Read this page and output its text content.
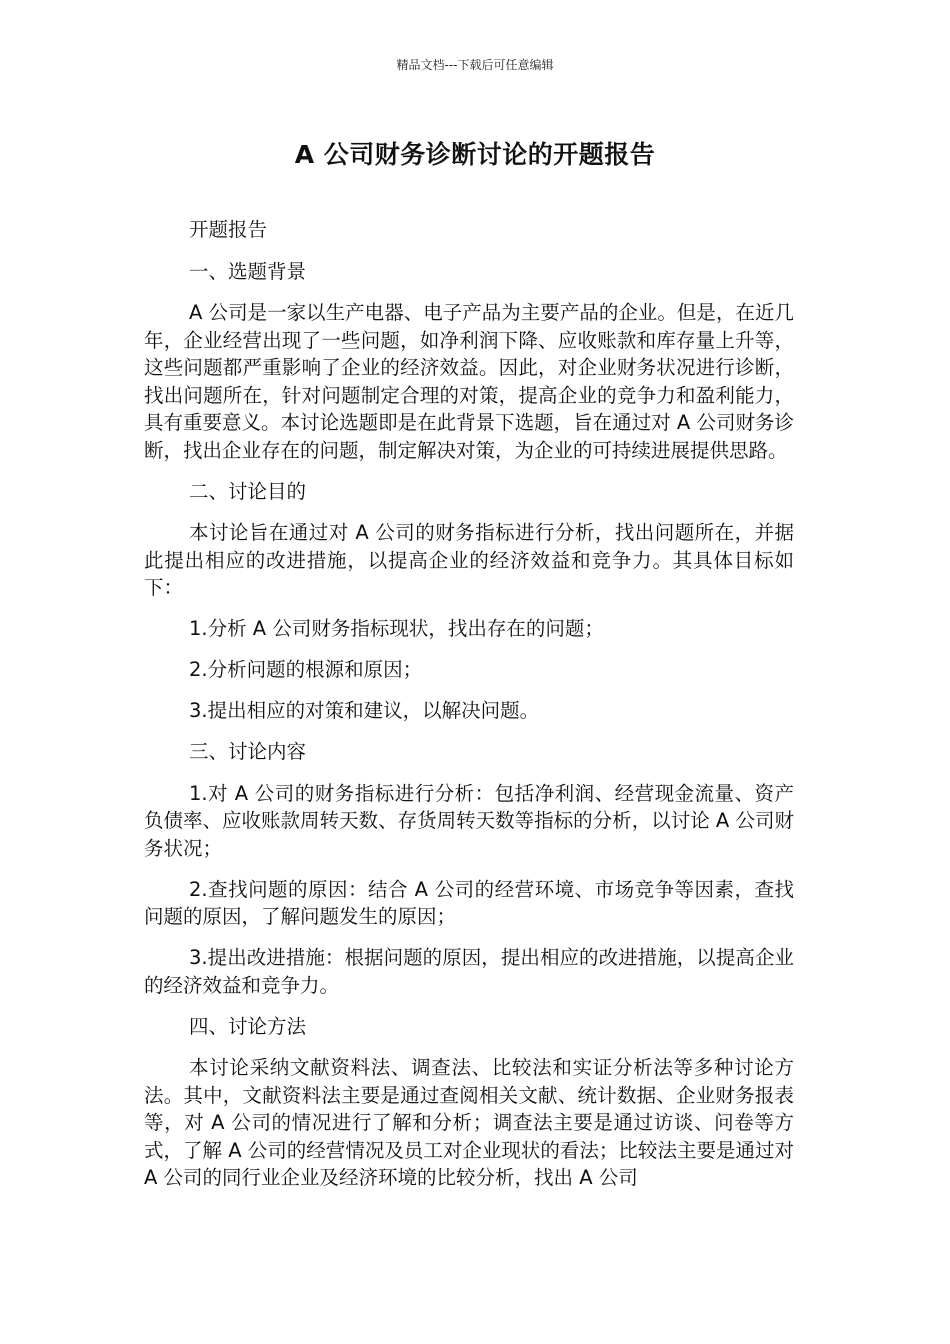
精品文档---下载后可任意编辑
A 公司财务诊断讨论的开题报告

开题报告

一、选题背景

A 公司是一家以生产电器、电子产品为主要产品的企业。但是，在近几年，企业经营出现了一些问题，如净利润下降、应收账款和库存量上升等，这些问题都严重影响了企业的经济效益。因此，对企业财务状况进行诊断，找出问题所在，针对问题制定合理的对策，提高企业的竞争力和盈利能力，具有重要意义。本讨论选题即是在此背景下选题，旨在通过对 A 公司财务诊断，找出企业存在的问题，制定解决对策，为企业的可持续进展提供思路。

二、讨论目的

本讨论旨在通过对 A 公司的财务指标进行分析，找出问题所在，并据此提出相应的改进措施，以提高企业的经济效益和竞争力。其具体目标如下：

1.分析 A 公司财务指标现状，找出存在的问题；

2.分析问题的根源和原因；

3.提出相应的对策和建议，以解决问题。

三、讨论内容

1.对 A 公司的财务指标进行分析：包括净利润、经营现金流量、资产负债率、应收账款周转天数、存货周转天数等指标的分析，以讨论 A 公司财务状况；

2.查找问题的原因：结合 A 公司的经营环境、市场竞争等因素，查找问题的原因，了解问题发生的原因；

3.提出改进措施：根据问题的原因，提出相应的改进措施，以提高企业的经济效益和竞争力。

四、讨论方法

本讨论采纳文献资料法、调查法、比较法和实证分析法等多种讨论方法。其中，文献资料法主要是通过查阅相关文献、统计数据、企业财务报表等，对 A 公司的情况进行了解和分析；调查法主要是通过访谈、问卷等方式，了解 A 公司的经营情况及员工对企业现状的看法；比较法主要是通过对 A 公司的同行业企业及经济环境的比较分析，找出 A 公司
